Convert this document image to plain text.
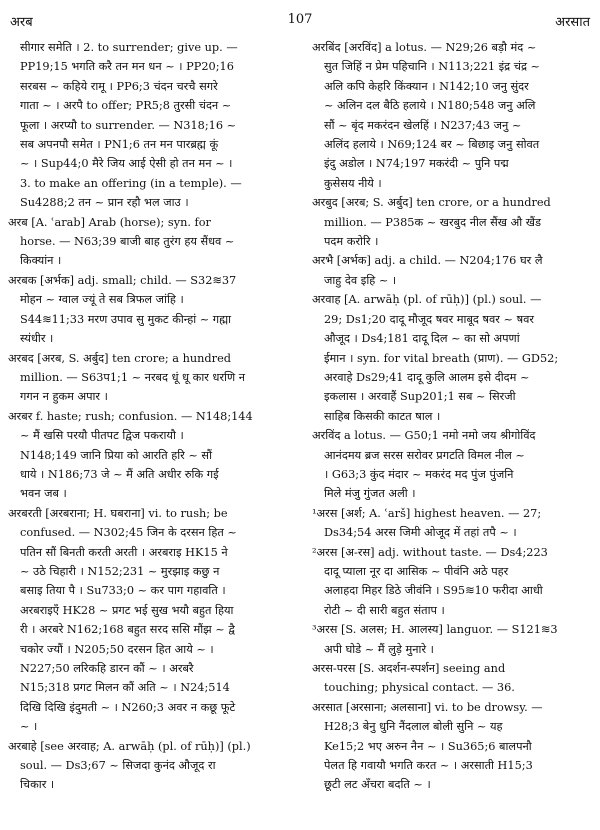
अरब	107	अरसात
सीगार समेति । 2. to surrender; give up. —
PP19;15 भगति करै तन मन धन ~ । PP20;16
सरबस ~ कहिये रामू । PP6;3 चंदन चरचै सगरे
गाता ~ । अरपै to offer; PR5;8 तुरसी चंदन ~
फूला । अरप्यौ to surrender. — N318;16 ~
सब अपनपौ समेत । PN1;6 तन मन पारब्रह्म कूं
~ । Sup44;0 मैरे जिय आई ऐसी हो तन मन ~ ।
3. to make an offering (in a temple). —
Su4288;2 तन ~ प्रान रहौ भल जाउ ।
अरब [A. ʿarab] Arab (horse); syn. for
horse. — N63;39 बाजी बाह तुरंग हय सैंधव ~
किक्यांन ।
अरबक [अर्भक] adj. small; child. — S32≋37
मोहन ~ ग्वाल ज्यूं ते सब त्रिफल जांहि ।
S44≋11;33 मरण उपाव सु मुकट कीन्हां ~ गह्मा
स्यंधीर ।
अरबद [अरब, S. अर्बुद] ten crore; a hundred
million. — S63प1;1 ~ नरबद धूं धू कार धरणि न
गगन न हुकम अपार ।
अरबर f. haste; rush; confusion. — N148;144
~ मैं खसि परयौ पीतपट द्विज पकरायौ ।
N148;149 जानि प्रिया को आरति हरि ~ सौं
धाये । N186;73 जे ~ मैं अति अधीर रुकि गई
भवन जब ।
अरबरती [अरबराना; H. घबराना] vi. to rush; be
confused. — N302;45 जिन के दरसन हित ~
पतिन सौं बिनती करती अरती । अरबराइ HK15 ने
~ उठे चिहारी । N152;231 ~ मुरझाइ कछु न
बसाइ तिया पै । Su733;0 ~ कर पाग गहावति ।
अरबराइएँ HK28 ~ प्रगट भई सुख भयौ बहुत हिया
री । अरबरे N162;168 बहुत सरद ससि मौंझ ~ द्वै
चकोर ज्यौं । N205;50 दरसन हित आये ~ ।
N227;50 लरिकहि डारन कौं ~ । अरबरै
N15;318 प्रगट मिलन कौं अति ~ । N24;514
दिखि दिखि इंदुमती ~ । N260;3 अवर न कछू फूटे
~ ।
अरबाहे [see अरवाह; A. arwāḥ (pl. of rūḥ)] (pl.)
soul. — Ds3;67 ~ सिजदा कुनंद औजूद रा
चिकार ।
अरबिंद [अरविंद] a lotus. — N29;26 बड़ौ मंद ~
सुत जिहिं न प्रेम पहिचानि । N113;221 इंद्र चंद्र ~
अलि कपि केहरि किंक्यान । N142;10 जनु सुंदर
~ अलिन दल बैठि हलाये । N180;548 जनु अलि
सौं ~ बृंद मकरंदन खेलहिं । N237;43 जनु ~
अलिंद हलाये । N69;124 बर ~ बिछाइ जनु सोवत
इंदु अडोल । N74;197 मकरंदी ~ पुनि पद्म
कुसेसय नीये ।
अरबुद [अरब; S. अर्बुद] ten crore, or a hundred
million. — P385क ~ खरबुद नील सैंख औ खैंड
पदम करोरि ।
अरभै [अर्भक] adj. a child. — N204;176 घर लै
जाहु देव इहि ~ ।
अरवाह [A. arwāḥ (pl. of rūḥ)] (pl.) soul. —
29; Ds1;20 दादू मौजूद षवर माबूद षवर ~ षवर
औजूद । Ds4;181 दादू दिल ~ का सो अपणां
ईमान । syn. for vital breath (प्राण). — GD52;
अरवाहे Ds29;41 दादू कुलि आलम इसे दीदम ~
इकलास । अरवाहैं Sup201;1 सब ~ सिरजी
साहिब किसकी काटत षाल ।
अरविंद a lotus. — G50;1 नमो नमो जय श्रीगोविंद
आनंदमय ब्रज सरस सरोवर प्रगटति विमल नील ~
। G63;3 कुंद मंदार ~ मकरंद मद पुंज पुंजनि
मिले मंजु गुंजत अली ।
¹अरस [अर्श; A. ʿarš] highest heaven. — 27;
Ds34;54 अरस जिमी ओजूद में तहां तपै ~ ।
²अरस [अ-रस] adj. without taste. — Ds4;223
दादू प्याला नूर दा आसिक ~ पीवंनि अठे पहर
अलाहदा मिहर डिठे जीवंनि । S95≋10 फरीदा आधी
रोटी ~ दी सारी बहुत संताप ।
³अरस [S. अलस; H. आलस्य] languor. — S121≋3
अपी घोडे ~ मैं लुड़े मुनारे ।
अरस-परस [S. अदर्शन-स्पर्शन] seeing and
touching; physical contact. — 36.
अरसात [अरसाना; अलसाना] vi. to be drowsy. —
H28;3 बेनु धुनि नैंदलाल बोली सुनि ~ यह
Ke15;2 भए अरुन नैन ~ । Su365;6 बालपनौ
पेलत हि गवायौ भगति करत ~ । अरसाती H15;3
छूटी लट अँचरा बदति ~ ।
